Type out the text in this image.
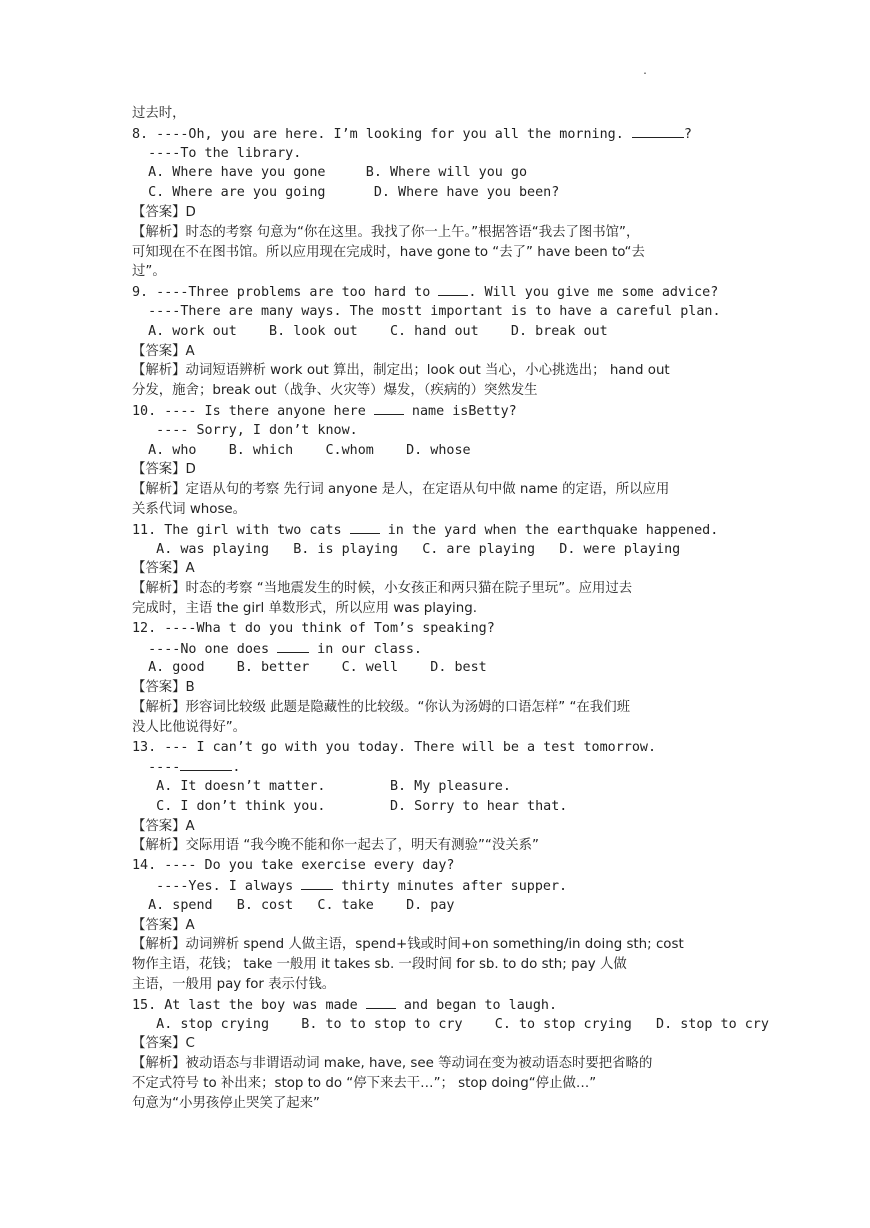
.
过去时，
8. ----Oh, you are here. I’m looking for you all the morning.	?
----To the library.
A. Where have you gone     B. Where will you go
C. Where are you going      D. Where have you been?
【答案】D
【解析】时态的考察 句意为“你在这里。我找了你一上午。”根据答语“我去了图书馆”，
可知现在不在图书馆。所以应用现在完成时，have gone to “去了” have been to“去
过”。
9. ----Three problems are too hard to . Will you give me some advice?
----There are many ways. The mostt important is to have a careful plan.
A. work out    B. look out    C. hand out    D. break out
【答案】A
【解析】动词短语辨析 work out 算出，制定出；look out 当心，小心挑选出； hand out
分发，施舍；break out（战争、火灾等）爆发，（疾病的）突然发生
10. ---- Is there anyone here  name isBetty?
---- Sorry, I don’t know.
A. who    B. which    C.whom    D. whose
【答案】D
【解析】定语从句的考察 先行词 anyone 是人，在定语从句中做 name 的定语，所以应用
关系代词 whose。
11. The girl with two cats  in the yard when the earthquake happened.
A. was playing   B. is playing   C. are playing   D. were playing
【答案】A
【解析】时态的考察 “当地震发生的时候，小女孩正和两只猫在院子里玩”。应用过去
完成时，主语 the girl 单数形式，所以应用 was playing.
12. ----Wha t do you think of Tom’s speaking?
----No one does  in our class.
A. good    B. better    C. well    D. best
【答案】B
【解析】形容词比较级 此题是隐藏性的比较级。“你认为汤姆的口语怎样” “在我们班
没人比他说得好”。
13. --- I can’t go with you today. There will be a test tomorrow.
----	.
A. It doesn’t matter.        B. My pleasure.
C. I don’t think you.        D. Sorry to hear that.
【答案】A
【解析】交际用语 “我今晚不能和你一起去了，明天有测验”“没关系”
14. ---- Do you take exercise every day?
----Yes. I always  thirty minutes after supper.
A. spend   B. cost   C. take    D. pay
【答案】A
【解析】动词辨析 spend 人做主语，spend+钱或时间+on something/in doing sth; cost
物作主语，花钱； take 一般用 it takes sb. 一段时间 for sb. to do sth; pay 人做
主语，一般用 pay for 表示付钱。
15. At last the boy was made  and began to laugh.
A. stop crying    B. to to stop to cry    C. to stop crying   D. stop to cry
【答案】C
【解析】被动语态与非谓语动词 make, have, see 等动词在变为被动语态时要把省略的
不定式符号 to 补出来；stop to do “停下来去干…”； stop doing“停止做…”
句意为“小男孩停止哭笑了起来”
